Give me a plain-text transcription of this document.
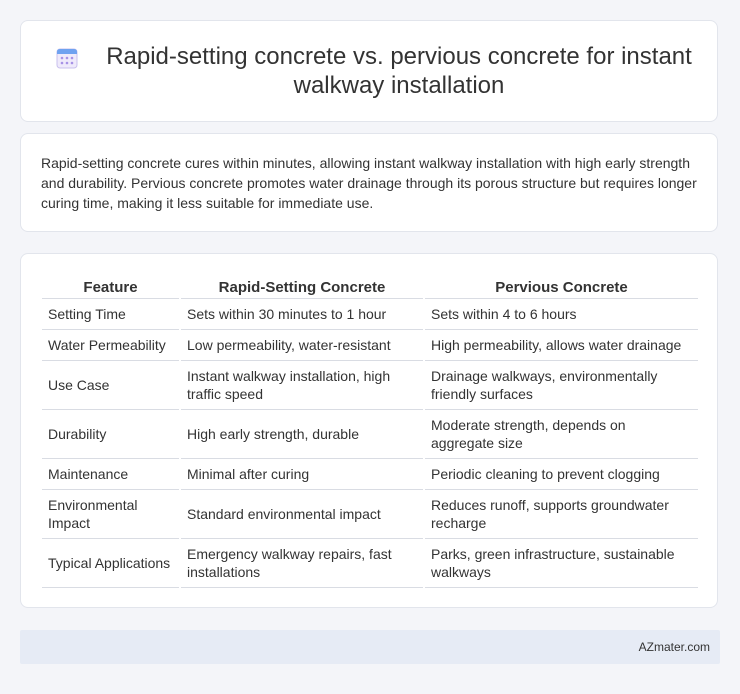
Rapid-setting concrete vs. pervious concrete for instant walkway installation

Rapid-setting concrete cures within minutes, allowing instant walkway installation with high early strength and durability. Pervious concrete promotes water drainage through its porous structure but requires longer curing time, making it less suitable for immediate use.

Feature	Rapid-Setting Concrete	Pervious Concrete
Setting Time	Sets within 30 minutes to 1 hour	Sets within 4 to 6 hours
Water Permeability	Low permeability, water-resistant	High permeability, allows water drainage
Use Case	Instant walkway installation, high traffic speed	Drainage walkways, environmentally friendly surfaces
Durability	High early strength, durable	Moderate strength, depends on aggregate size
Maintenance	Minimal after curing	Periodic cleaning to prevent clogging
Environmental Impact	Standard environmental impact	Reduces runoff, supports groundwater recharge
Typical Applications	Emergency walkway repairs, fast installations	Parks, green infrastructure, sustainable walkways
AZmater.com
